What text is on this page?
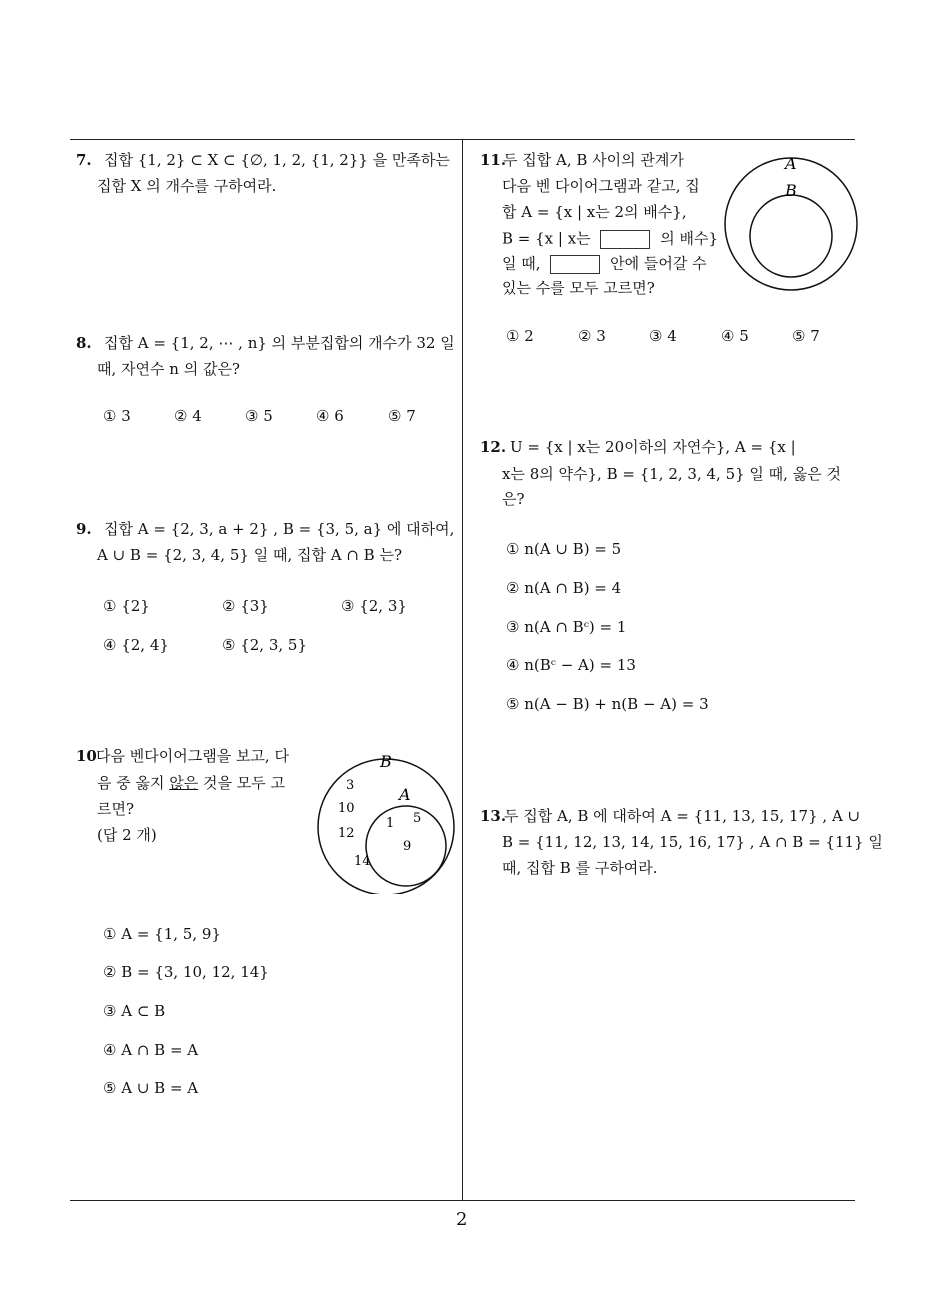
7. 집합 {1, 2} ⊂ X ⊂ {∅, 1, 2, {1, 2}} 을 만족하는
집합 X 의 개수를 구하여라.
8. 집합 A = {1, 2, ⋯ , n} 의 부분집합의 개수가 32 일
때, 자연수 n 의 값은?
① 3	② 4	③ 5	④ 6	⑤ 7
9. 집합 A = {2, 3, a + 2} , B = {3, 5, a} 에 대하여,
A ∪ B = {2, 3, 4, 5} 일 때, 집합 A ∩ B 는?
① {2}	② {3}	③ {2, 3}
④ {2, 4}	⑤ {2, 3, 5}
10 다음 벤다이어그램을 보고, 다
음 중 옳지 않은 것을 모두 고
르면?
(답 2 개)
B
A
3
10
12
14
1 5
9
① A = {1, 5, 9}
② B = {3, 10, 12, 14}
③ A ⊂ B
④ A ∩ B = A
⑤ A ∪ B = A
11.
두 집합 A, B 사이의 관계가
다음 벤 다이어그램과 같고, 집
합 A = {x | x는 2의 배수},
B = {x | x는	의 배수}
일 때,	안에 들어갈 수
있는 수를 모두 고르면?
A
B
① 2	② 3	③ 4	④ 5	⑤ 7
12. U = {x | x는 20이하의 자연수}, A = {x |
x는 8의 약수}, B = {1, 2, 3, 4, 5} 일 때, 옳은 것
은?
① n(A ∪ B) = 5
② n(A ∩ B) = 4
③ n(A ∩ Bᶜ) = 1
④ n(Bᶜ − A) = 13
⑤ n(A − B) + n(B − A) = 3
13.
두 집합 A, B 에 대하여 A = {11, 13, 15, 17} , A ∪
B = {11, 12, 13, 14, 15, 16, 17} , A ∩ B = {11} 일
때, 집합 B 를 구하여라.
2
